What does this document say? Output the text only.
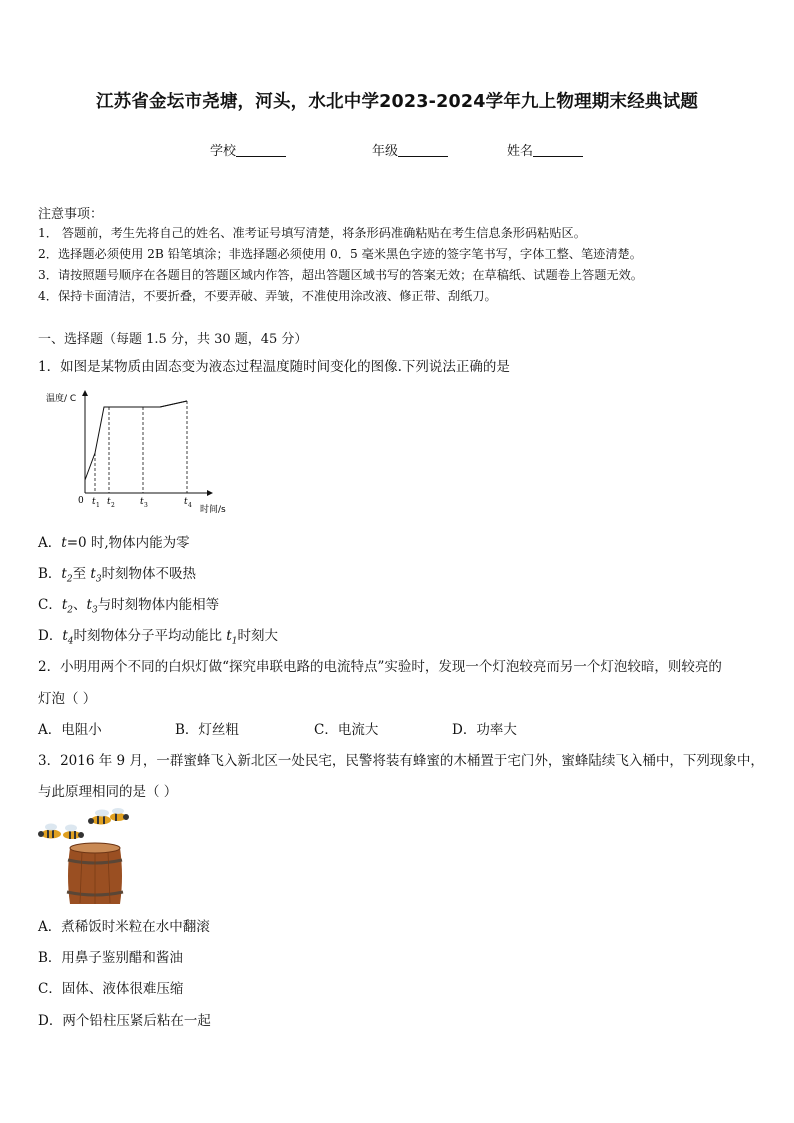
江苏省金坛市尧塘，河头，水北中学2023-2024学年九上物理期末经典试题
学校	年级	姓名
注意事项：
1． 答题前，考生先将自己的姓名、准考证号填写清楚，将条形码准确粘贴在考生信息条形码粘贴区。
2．选择题必须使用 2B 铅笔填涂；非选择题必须使用 0．5 毫米黑色字迹的签字笔书写，字体工整、笔迹清楚。
3．请按照题号顺序在各题目的答题区域内作答，超出答题区域书写的答案无效；在草稿纸、试题卷上答题无效。
4．保持卡面清洁，不要折叠，不要弄破、弄皱，不准使用涂改液、修正带、刮纸刀。
一、选择题（每题 1.5 分，共 30 题，45 分）
1．如图是某物质由固态变为液态过程温度随时间变化的图像.下列说法正确的是
温度/ C
时间/s
0 t 1 t 2	t 3	t 4
A．t=0 时,物体内能为零
B．$t_2$至 $t_3$时刻物体不吸热
C．$t_2$、$t_3$与时刻物体内能相等
D．$t_4$时刻物体分子平均动能比 $t_1$时刻大
2．小明用两个不同的白炽灯做“探究串联电路的电流特点”实验时，发现一个灯泡较亮而另一个灯泡较暗，则较亮的
灯泡（ ）
A．电阻小	B．灯丝粗	C．电流大	D．功率大
3．2016 年 9 月，一群蜜蜂飞入新北区一处民宅，民警将装有蜂蜜的木桶置于宅门外，蜜蜂陆续飞入桶中，下列现象中，
与此原理相同的是（ ）
A．煮稀饭时米粒在水中翻滚
B．用鼻子鉴别醋和酱油
C．固体、液体很难压缩
D．两个铅柱压紧后粘在一起
